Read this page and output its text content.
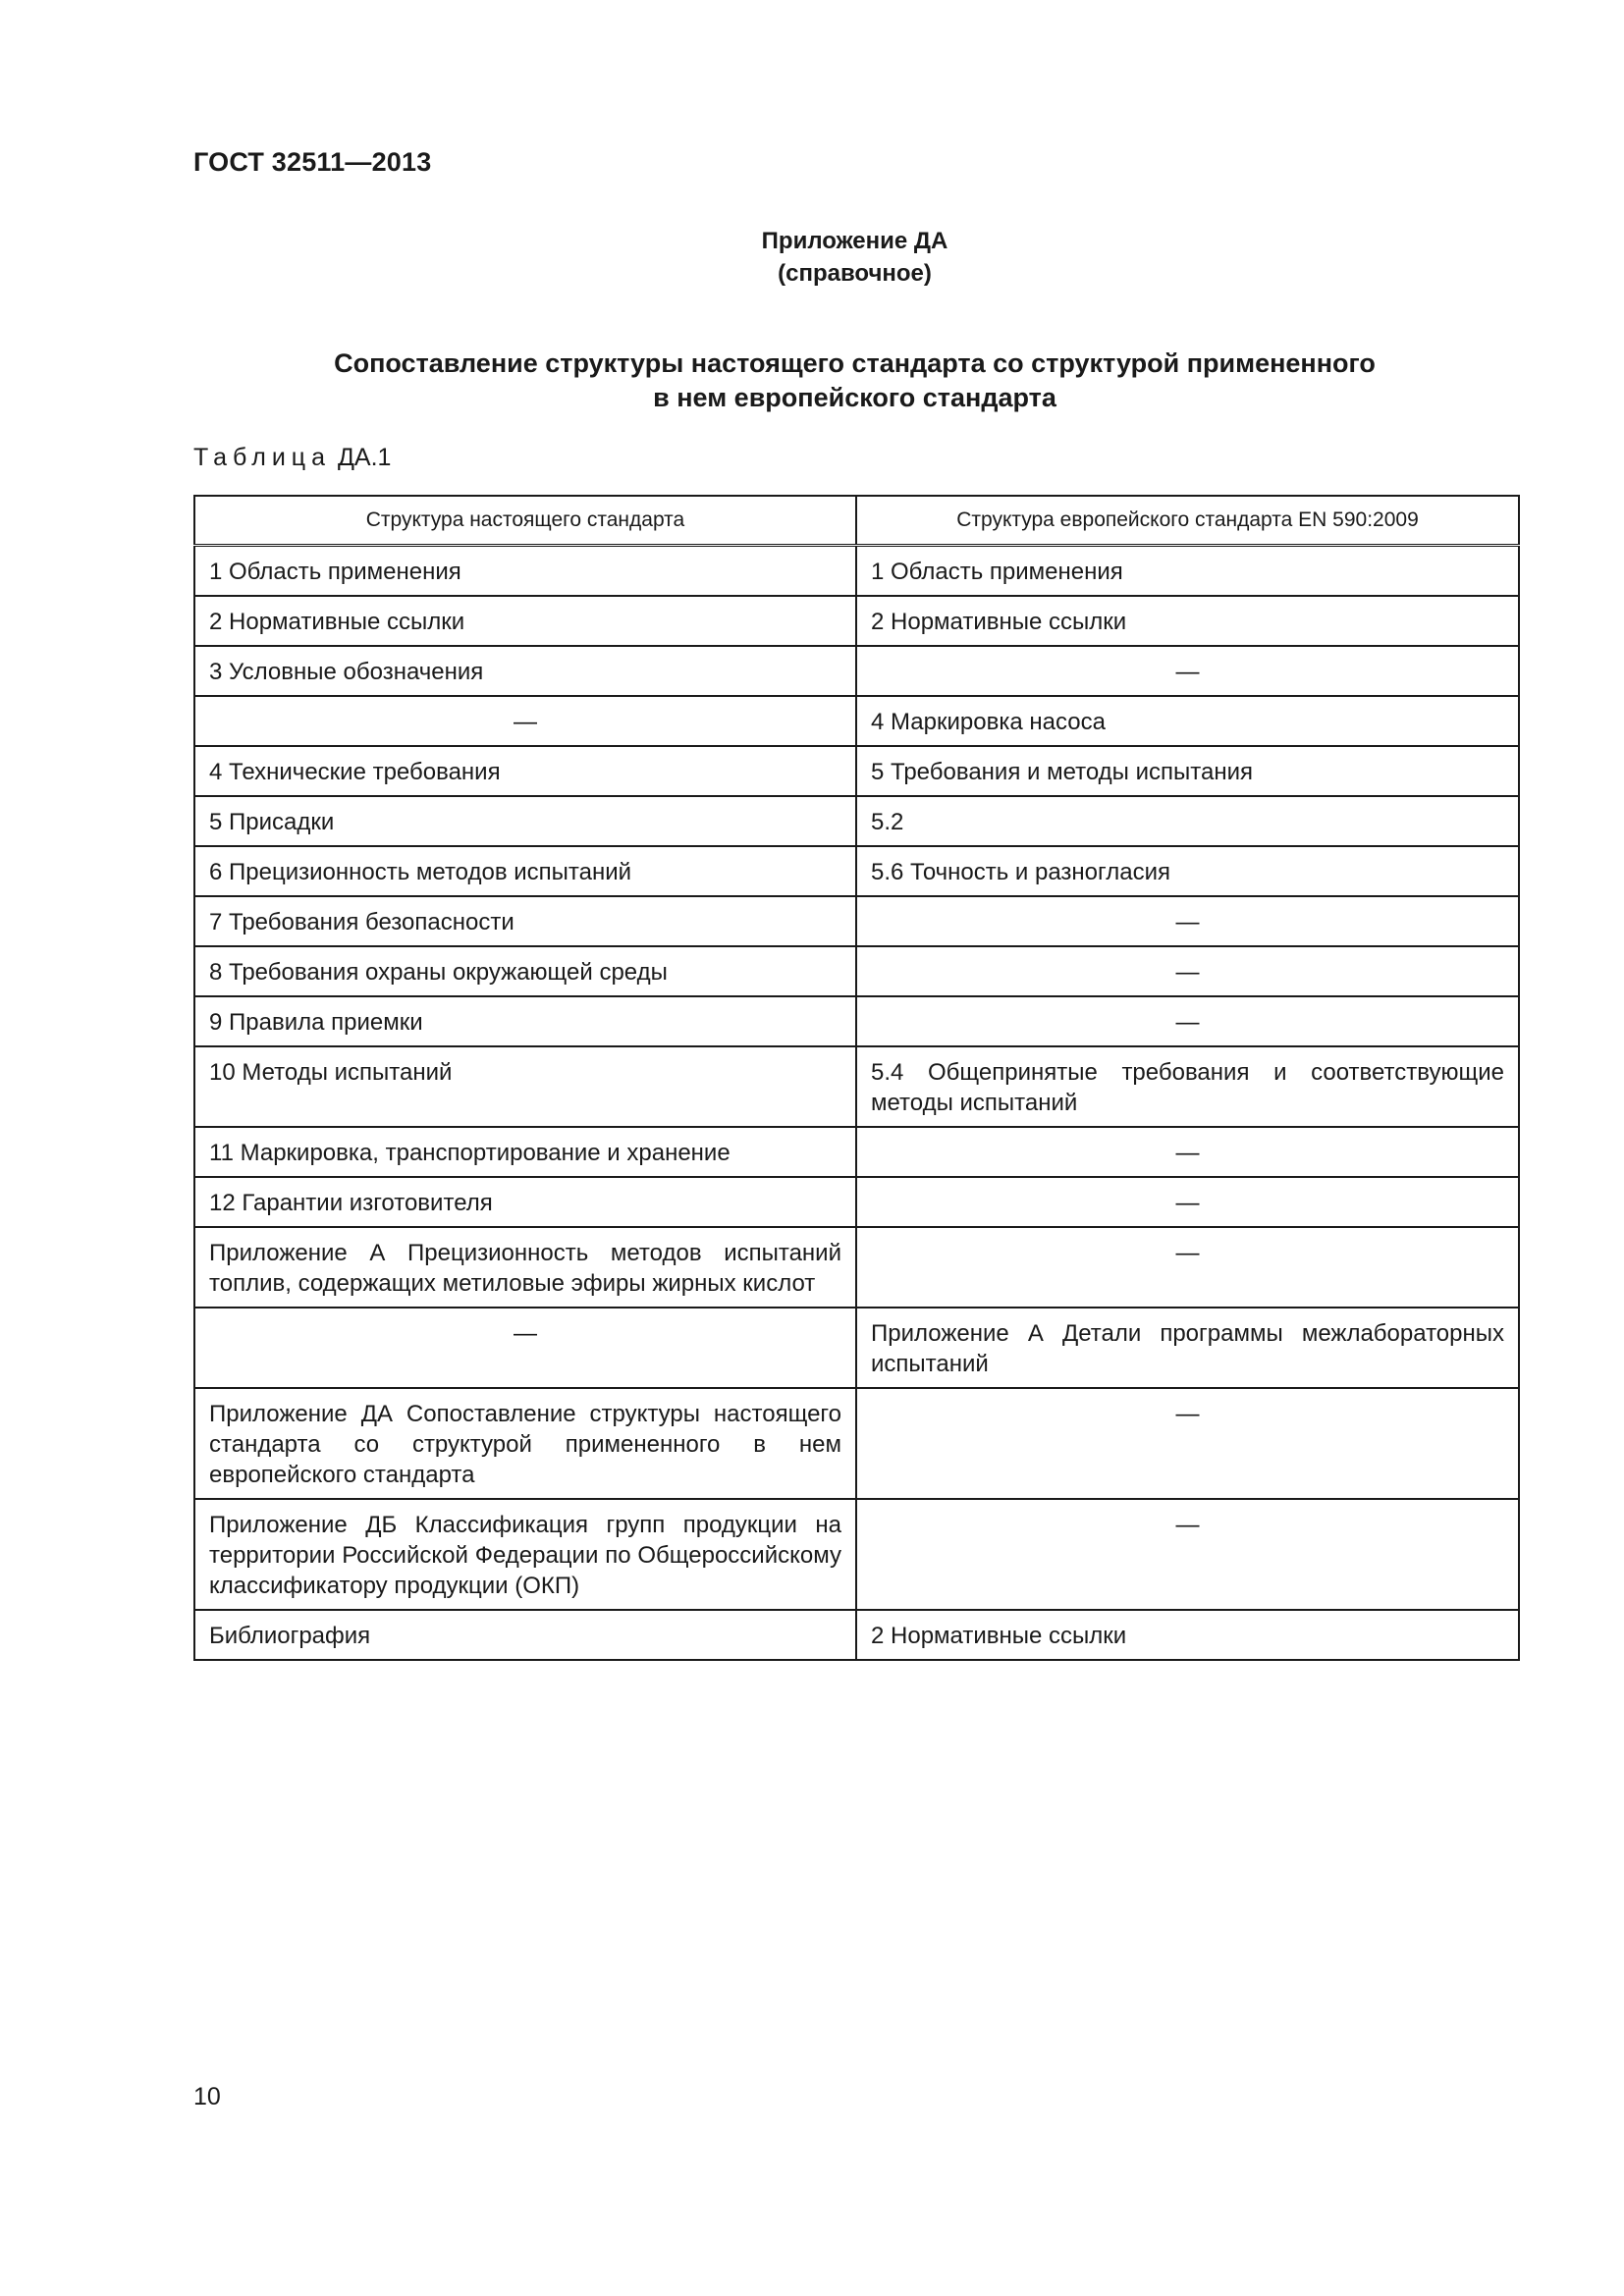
ГОСТ 32511—2013
Приложение ДА
(справочное)
Сопоставление структуры настоящего стандарта со структурой примененного
в нем европейского стандарта
Таблица ДА.1
Структура настоящего стандарта	Структура европейского стандарта EN 590:2009
1 Область применения	1 Область применения
2 Нормативные ссылки	2 Нормативные ссылки
3 Условные обозначения	—
—	4 Маркировка насоса
4 Технические требования	5 Требования и методы испытания
5 Присадки	5.2
6 Прецизионность методов испытаний	5.6 Точность и разногласия
7 Требования безопасности	—
8 Требования охраны окружающей среды	—
9 Правила приемки	—
10 Методы испытаний	5.4 Общепринятые требования и соответствующие методы испытаний
11 Маркировка, транспортирование и хранение	—
12 Гарантии изготовителя	—
Приложение А Прецизионность методов испытаний топлив, содержащих метиловые эфиры жирных кислот	—
—	Приложение А Детали программы межлабораторных испытаний
Приложение ДА Сопоставление структуры настоящего стандарта со структурой примененного в нем европейского стандарта	—
Приложение ДБ Классификация групп продукции на территории Российской Федерации по Общероссийскому классификатору продукции (ОКП)	—
Библиография	2 Нормативные ссылки
10
